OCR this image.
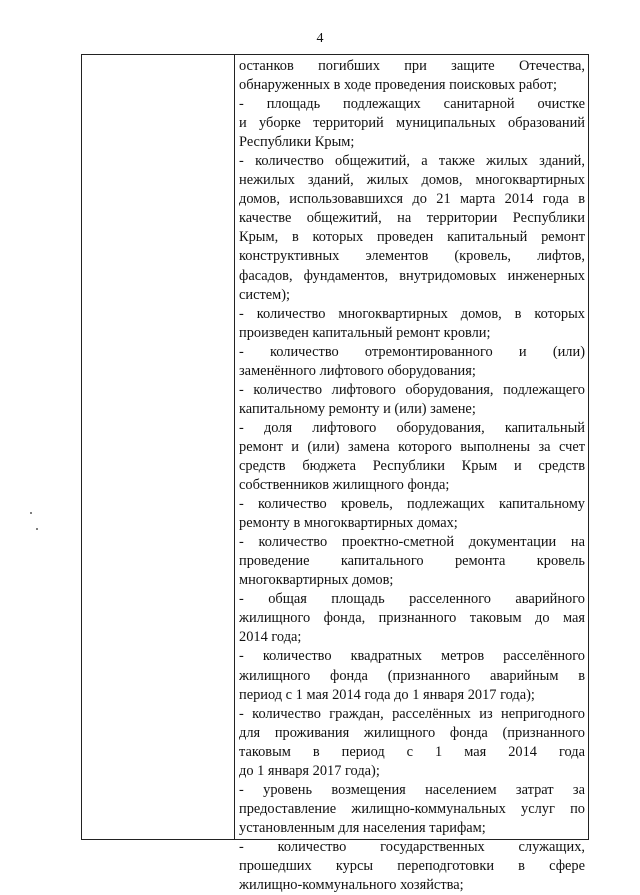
4
останков погибших при защите Отечества,
обнаруженных в ходе проведения поисковых работ;
- площадь подлежащих санитарной очистке
и уборке территорий муниципальных образований
Республики Крым;
- количество общежитий, а также жилых зданий,
нежилых зданий, жилых домов, многоквартирных
домов, использовавшихся до 21 марта 2014 года в
качестве общежитий, на территории Республики
Крым, в которых проведен капитальный ремонт
конструктивных элементов (кровель, лифтов,
фасадов, фундаментов, внутридомовых инженерных
систем);
- количество многоквартирных домов, в которых
произведен капитальный ремонт кровли;
- количество отремонтированного и (или)
заменённого лифтового оборудования;
- количество лифтового оборудования, подлежащего
капитальному ремонту и (или) замене;
- доля лифтового оборудования, капитальный
ремонт и (или) замена которого выполнены за счет
средств бюджета Республики Крым и средств
собственников жилищного фонда;
- количество кровель, подлежащих капитальному
ремонту в многоквартирных домах;
- количество проектно-сметной документации на
проведение капитального ремонта кровель
многоквартирных домов;
- общая площадь расселенного аварийного
жилищного фонда, признанного таковым до мая
2014 года;
- количество квадратных метров расселённого
жилищного фонда (признанного аварийным в
период с 1 мая 2014 года до 1 января 2017 года);
- количество граждан, расселённых из непригодного
для проживания жилищного фонда (признанного
таковым в период с 1 мая 2014 года
до 1 января 2017 года);
- уровень возмещения населением затрат за
предоставление жилищно-коммунальных услуг по
установленным для населения тарифам;
- количество государственных служащих,
прошедших курсы переподготовки в сфере
жилищно-коммунального хозяйства;
